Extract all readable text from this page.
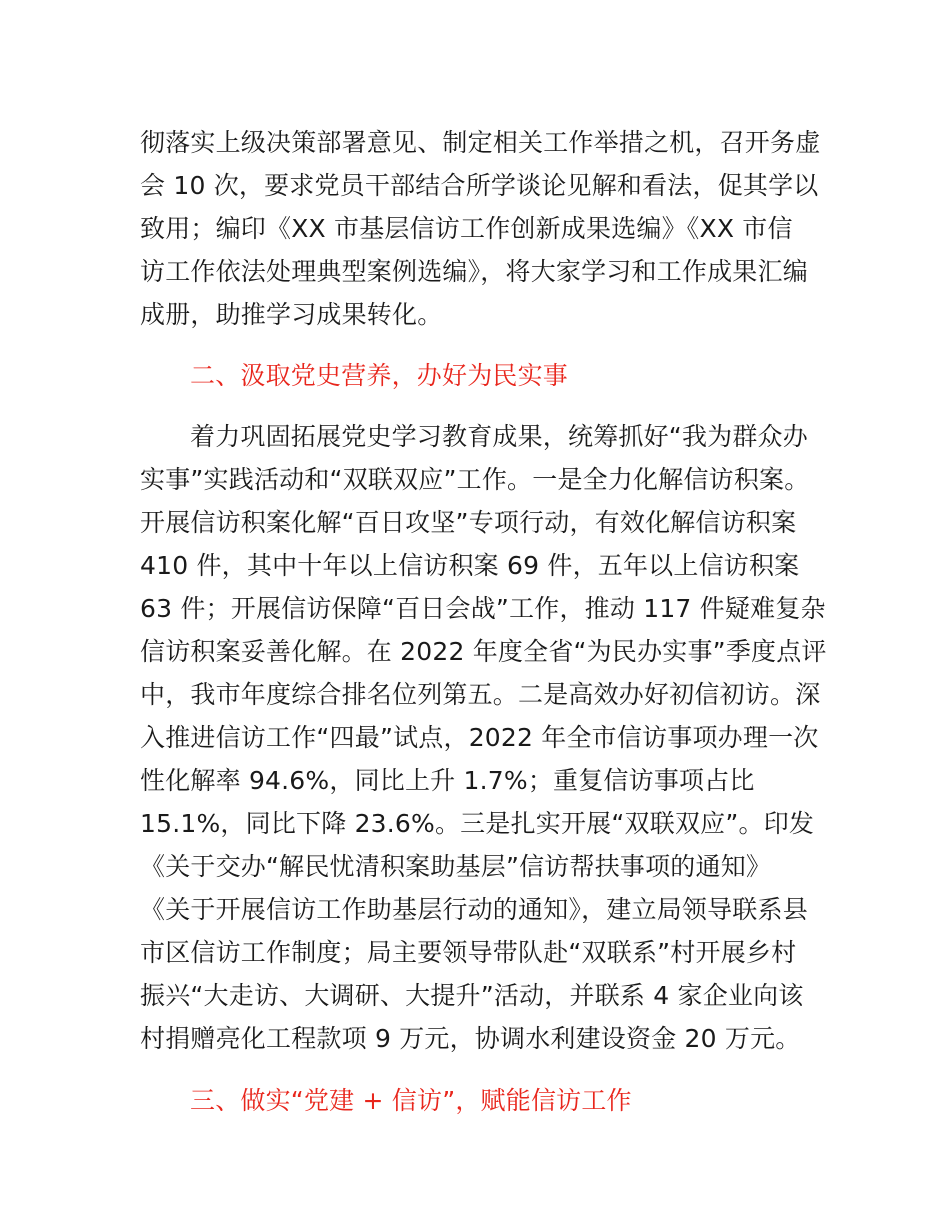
彻落实上级决策部署意见、制定相关工作举措之机，召开务虚
会 10 次，要求党员干部结合所学谈论见解和看法，促其学以
致用；编印《XX 市基层信访工作创新成果选编》《XX 市信
访工作依法处理典型案例选编》，将大家学习和工作成果汇编
成册，助推学习成果转化。
二、汲取党史营养，办好为民实事
着力巩固拓展党史学习教育成果，统筹抓好“我为群众办
实事”实践活动和“双联双应”工作。一是全力化解信访积案。
开展信访积案化解“百日攻坚”专项行动，有效化解信访积案
410 件，其中十年以上信访积案 69 件，五年以上信访积案
63 件；开展信访保障“百日会战”工作，推动 117 件疑难复杂
信访积案妥善化解。在 2022 年度全省“为民办实事”季度点评
中，我市年度综合排名位列第五。二是高效办好初信初访。深
入推进信访工作“四最”试点，2022 年全市信访事项办理一次
性化解率 94.6%，同比上升 1.7%；重复信访事项占比
15.1%，同比下降 23.6%。三是扎实开展“双联双应”。印发
《关于交办“解民忧清积案助基层”信访帮扶事项的通知》
《关于开展信访工作助基层行动的通知》，建立局领导联系县
市区信访工作制度；局主要领导带队赴“双联系”村开展乡村
振兴“大走访、大调研、大提升”活动，并联系 4 家企业向该
村捐赠亮化工程款项 9 万元，协调水利建设资金 20 万元。
三、做实“党建 + 信访”，赋能信访工作
